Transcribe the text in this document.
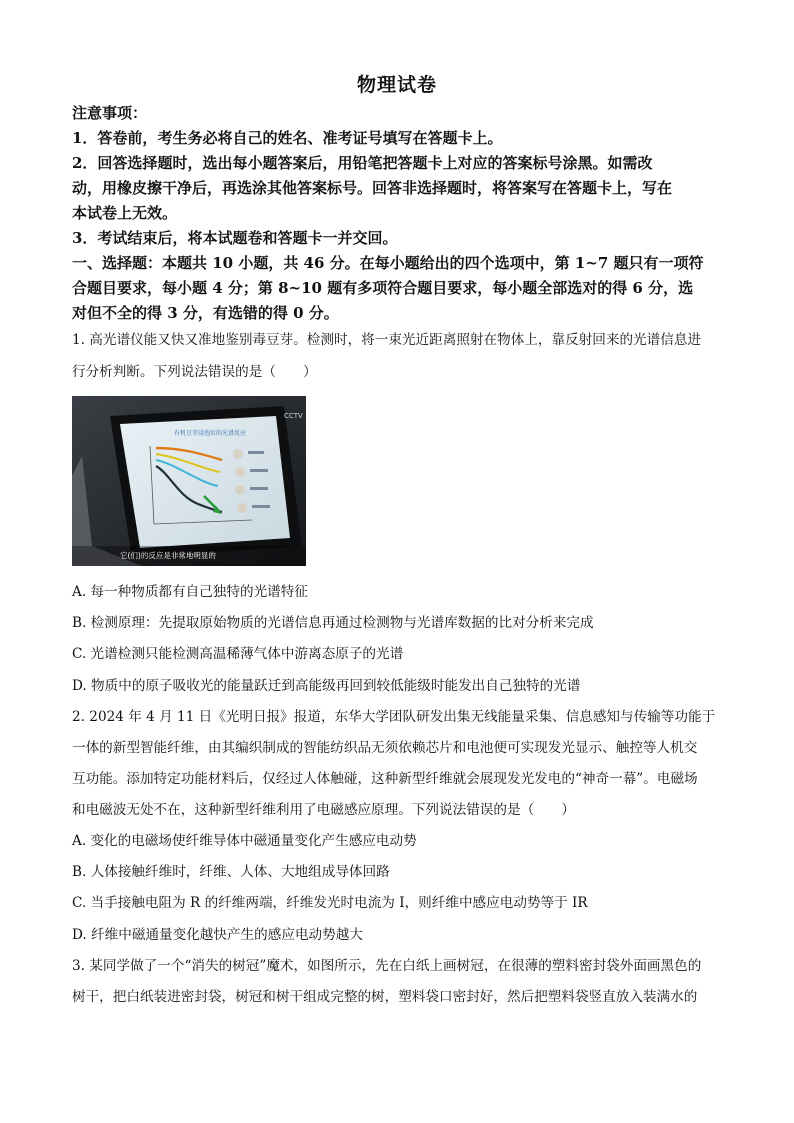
物理试卷
注意事项：
1．答卷前，考生务必将自己的姓名、准考证号填写在答题卡上。
2．回答选择题时，选出每小题答案后，用铅笔把答题卡上对应的答案标号涂黑。如需改
动，用橡皮擦干净后，再选涂其他答案标号。回答非选择题时，将答案写在答题卡上，写在
本试卷上无效。
3．考试结束后，将本试题卷和答题卡一并交回。
一、选择题：本题共 10 小题，共 46 分。在每小题给出的四个选项中，第 1~7 题只有一项符
合题目要求，每小题 4 分；第 8~10 题有多项符合题目要求，每小题全部选对的得 6 分，选
对但不全的得 3 分，有选错的得 0 分。
1. 高光谱仪能又快又准地鉴别毒豆芽。检测时，将一束光近距离照射在物体上，靠反射回来的光谱信息进
行分析判断。下列说法错误的是（　　）
有机豆芽浸泡后的光谱反应
CCTV
它(们)的反应是非常地明显的
A. 每一种物质都有自己独特的光谱特征
B. 检测原理：先提取原始物质的光谱信息再通过检测物与光谱库数据的比对分析来完成
C. 光谱检测只能检测高温稀薄气体中游离态原子的光谱
D. 物质中的原子吸收光的能量跃迁到高能级再回到较低能级时能发出自己独特的光谱
2. 2024 年 4 月 11 日《光明日报》报道，东华大学团队研发出集无线能量采集、信息感知与传输等功能于
一体的新型智能纤维，由其编织制成的智能纺织品无须依赖芯片和电池便可实现发光显示、触控等人机交
互功能。添加特定功能材料后，仅经过人体触碰，这种新型纤维就会展现发光发电的“神奇一幕”。电磁场
和电磁波无处不在，这种新型纤维利用了电磁感应原理。下列说法错误的是（　　）
A. 变化的电磁场使纤维导体中磁通量变化产生感应电动势
B. 人体接触纤维时，纤维、人体、大地组成导体回路
C. 当手接触电阻为 R 的纤维两端，纤维发光时电流为 I，则纤维中感应电动势等于 IR
D. 纤维中磁通量变化越快产生的感应电动势越大
3. 某同学做了一个“消失的树冠”魔术，如图所示，先在白纸上画树冠，在很薄的塑料密封袋外面画黑色的
树干，把白纸装进密封袋，树冠和树干组成完整的树，塑料袋口密封好，然后把塑料袋竖直放入装满水的
